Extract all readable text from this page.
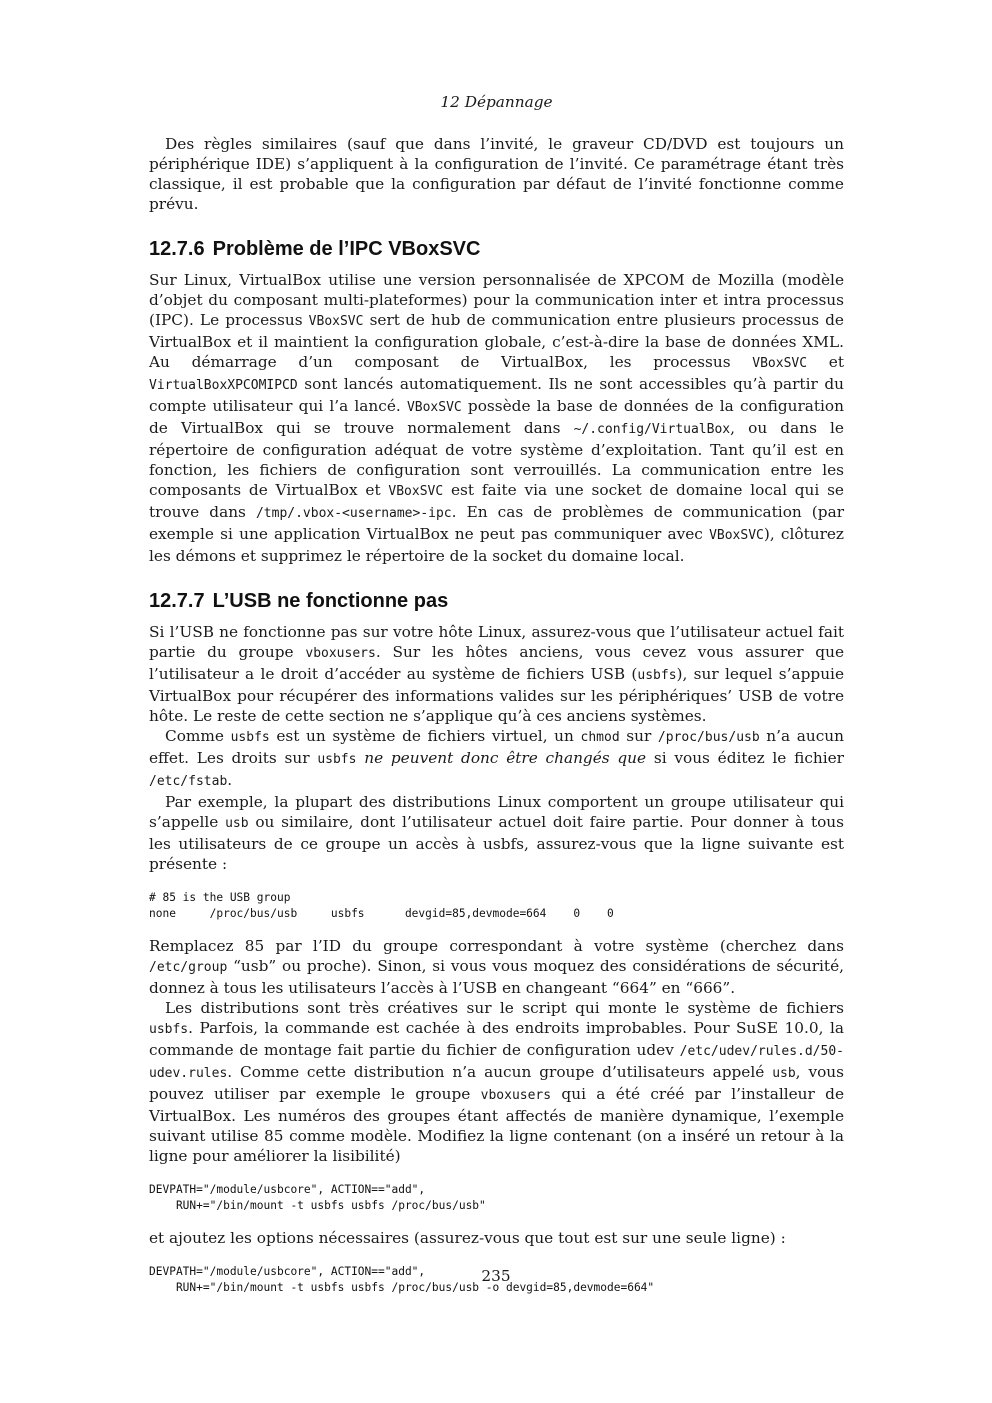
12 Dépannage

Des règles similaires (sauf que dans l’invité, le graveur CD/DVD est toujours un périphérique IDE) s’appliquent à la configuration de l’invité. Ce paramétrage étant très classique, il est probable que la configuration par défaut de l’invité fonctionne comme prévu.

12.7.6 Problème de l’IPC VBoxSVC

Sur Linux, VirtualBox utilise une version personnalisée de XPCOM de Mozilla (modèle d’objet du composant multi-plateformes) pour la communication inter et intra processus (IPC). Le processus VBoxSVC sert de hub de communication entre plusieurs processus de VirtualBox et il maintient la configuration globale, c’est-à-dire la base de données XML. Au démarrage d’un composant de VirtualBox, les processus VBoxSVC et VirtualBoxXPCOMIPCD sont lancés automatiquement. Ils ne sont accessibles qu’à partir du compte utilisateur qui l’a lancé. VBoxSVC possède la base de données de la configuration de VirtualBox qui se trouve normalement dans ~/.config/VirtualBox, ou dans le répertoire de configuration adéquat de votre système d’exploitation. Tant qu’il est en fonction, les fichiers de configuration sont verrouillés. La communication entre les composants de VirtualBox et VBoxSVC est faite via une socket de domaine local qui se trouve dans /tmp/.vbox-<username>-ipc. En cas de problèmes de communication (par exemple si une application VirtualBox ne peut pas communiquer avec VBoxSVC), clôturez les démons et supprimez le répertoire de la socket du domaine local.

12.7.7 L’USB ne fonctionne pas

Si l’USB ne fonctionne pas sur votre hôte Linux, assurez-vous que l’utilisateur actuel fait partie du groupe vboxusers. Sur les hôtes anciens, vous cevez vous assurer que l’utilisateur a le droit d’accéder au système de fichiers USB (usbfs), sur lequel s’appuie VirtualBox pour récupérer des informations valides sur les périphériques’ USB de votre hôte. Le reste de cette section ne s’applique qu’à ces anciens systèmes.

Comme usbfs est un système de fichiers virtuel, un chmod sur /proc/bus/usb n’a aucun effet. Les droits sur usbfs ne peuvent donc être changés que si vous éditez le fichier /etc/fstab.

Par exemple, la plupart des distributions Linux comportent un groupe utilisateur qui s’appelle usb ou similaire, dont l’utilisateur actuel doit faire partie. Pour donner à tous les utilisateurs de ce groupe un accès à usbfs, assurez-vous que la ligne suivante est présente :

# 85 is the USB group
none     /proc/bus/usb     usbfs      devgid=85,devmode=664    0    0

Remplacez 85 par l’ID du groupe correspondant à votre système (cherchez dans /etc/group “usb” ou proche). Sinon, si vous vous moquez des considérations de sécurité, donnez à tous les utilisateurs l’accès à l’USB en changeant “664” en “666”.

Les distributions sont très créatives sur le script qui monte le système de fichiers usbfs. Parfois, la commande est cachée à des endroits improbables. Pour SuSE 10.0, la commande de montage fait partie du fichier de configuration udev /etc/udev/rules.d/50-udev.rules. Comme cette distribution n’a aucun groupe d’utilisateurs appelé usb, vous pouvez utiliser par exemple le groupe vboxusers qui a été créé par l’installeur de VirtualBox. Les numéros des groupes étant affectés de manière dynamique, l’exemple suivant utilise 85 comme modèle. Modifiez la ligne contenant (on a inséré un retour à la ligne pour améliorer la lisibilité)

DEVPATH="/module/usbcore", ACTION=="add",
RUN+="/bin/mount -t usbfs usbfs /proc/bus/usb"

et ajoutez les options nécessaires (assurez-vous que tout est sur une seule ligne) :

DEVPATH="/module/usbcore", ACTION=="add",
RUN+="/bin/mount -t usbfs usbfs /proc/bus/usb -o devgid=85,devmode=664"
235
